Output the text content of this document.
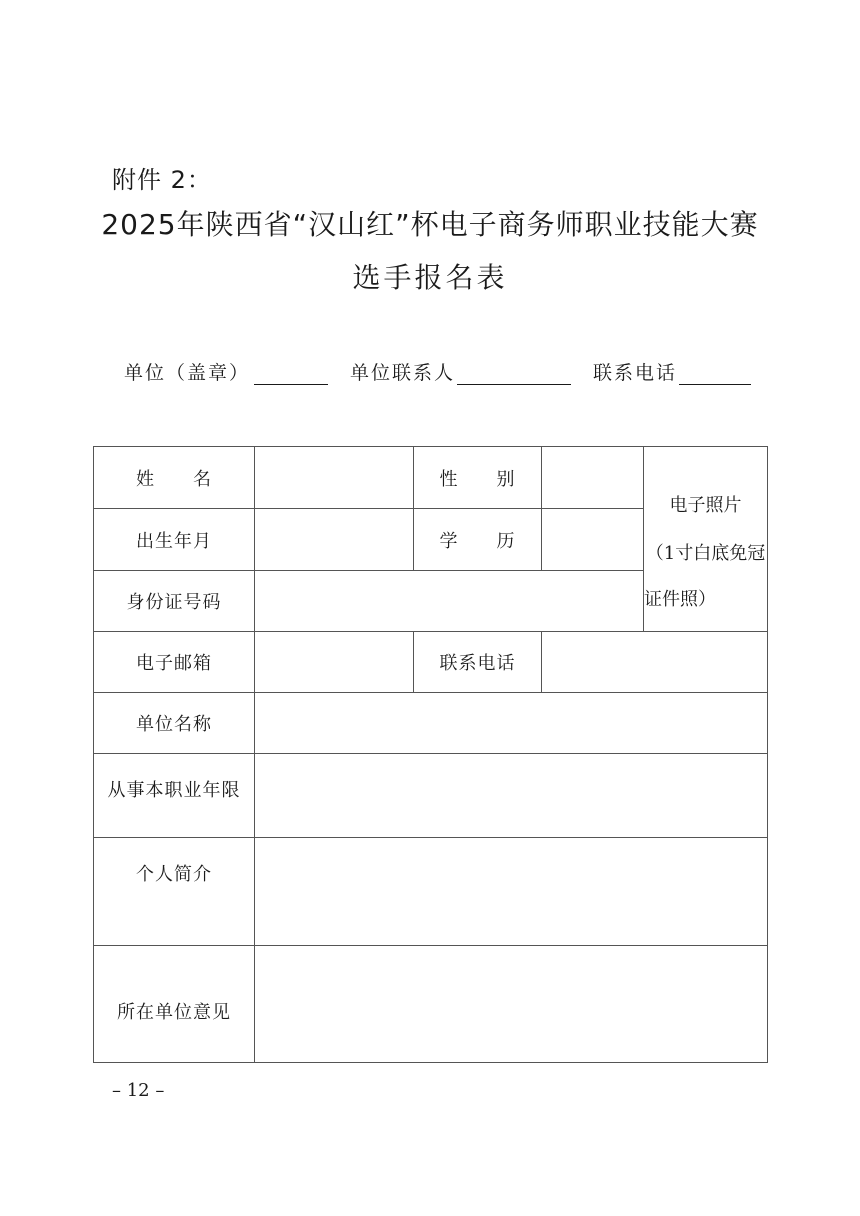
附件 2：
2025年陕西省“汉山红”杯电子商务师职业技能大赛
选手报名表
单位（盖章）	单位联系人	联系电话
姓　　名		性　　别		电子照片
（1寸白底免冠
证件照）

出生年月		学　　历		
身份证号码				
电子邮箱		联系电话		
单位名称				
从事本职业年限				
个人简介				
所在单位意见				
– 12 –
